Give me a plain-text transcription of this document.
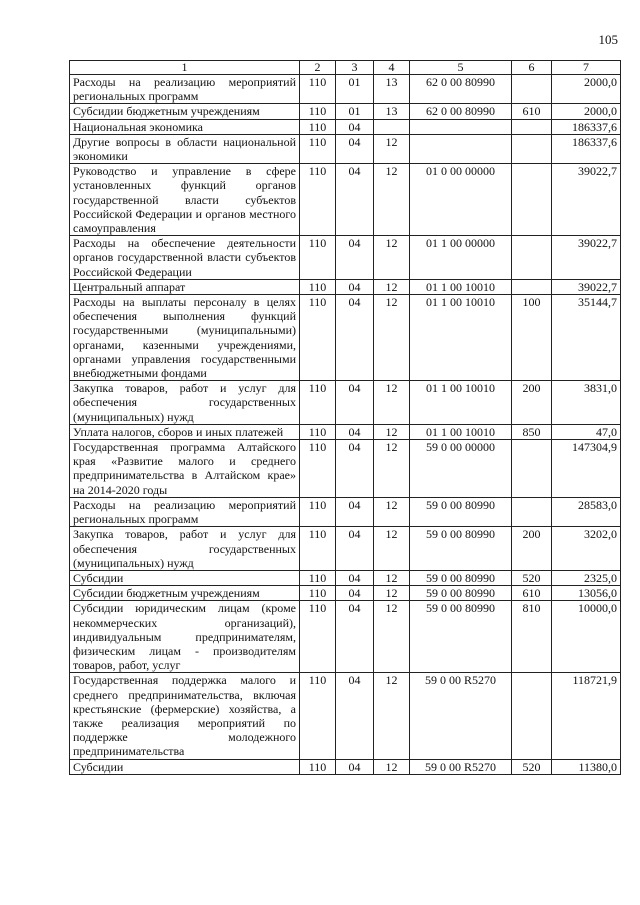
105
1	2	3	4	5	6	7
Расходы на реализацию мероприятий региональных программ	110	01	13	62 0 00 80990		2000,0
Субсидии бюджетным учреждениям	110	01	13	62 0 00 80990	610	2000,0
Национальная экономика	110	04				186337,6
Другие вопросы в области национальной экономики	110	04	12			186337,6
Руководство и управление в сфере установленных функций органов государственной власти субъектов Российской Федерации и органов местного самоуправления	110	04	12	01 0 00 00000		39022,7
Расходы на обеспечение деятельности органов государственной власти субъектов Российской Федерации	110	04	12	01 1 00 00000		39022,7
Центральный аппарат	110	04	12	01 1 00 10010		39022,7
Расходы на выплаты персоналу в целях обеспечения выполнения функций государственными (муниципальными) органами, казенными учреждениями, органами управления государственными внебюджетными фондами	110	04	12	01 1 00 10010	100	35144,7
Закупка товаров, работ и услуг для обеспечения государственных (муниципальных) нужд	110	04	12	01 1 00 10010	200	3831,0
Уплата налогов, сборов и иных платежей	110	04	12	01 1 00 10010	850	47,0
Государственная программа Алтайского края «Развитие малого и среднего предпринимательства в Алтайском крае» на 2014-2020 годы	110	04	12	59 0 00 00000		147304,9
Расходы на реализацию мероприятий региональных программ	110	04	12	59 0 00 80990		28583,0
Закупка товаров, работ и услуг для обеспечения государственных (муниципальных) нужд	110	04	12	59 0 00 80990	200	3202,0
Субсидии	110	04	12	59 0 00 80990	520	2325,0
Субсидии бюджетным учреждениям	110	04	12	59 0 00 80990	610	13056,0
Субсидии юридическим лицам (кроме некоммерческих организаций), индивидуальным предпринимателям, физическим лицам - производителям товаров, работ, услуг	110	04	12	59 0 00 80990	810	10000,0
Государственная поддержка малого и среднего предпринимательства, включая крестьянские (фермерские) хозяйства, а также реализация мероприятий по поддержке молодежного предпринимательства	110	04	12	59 0 00 R5270		118721,9
Субсидии	110	04	12	59 0 00 R5270	520	11380,0
